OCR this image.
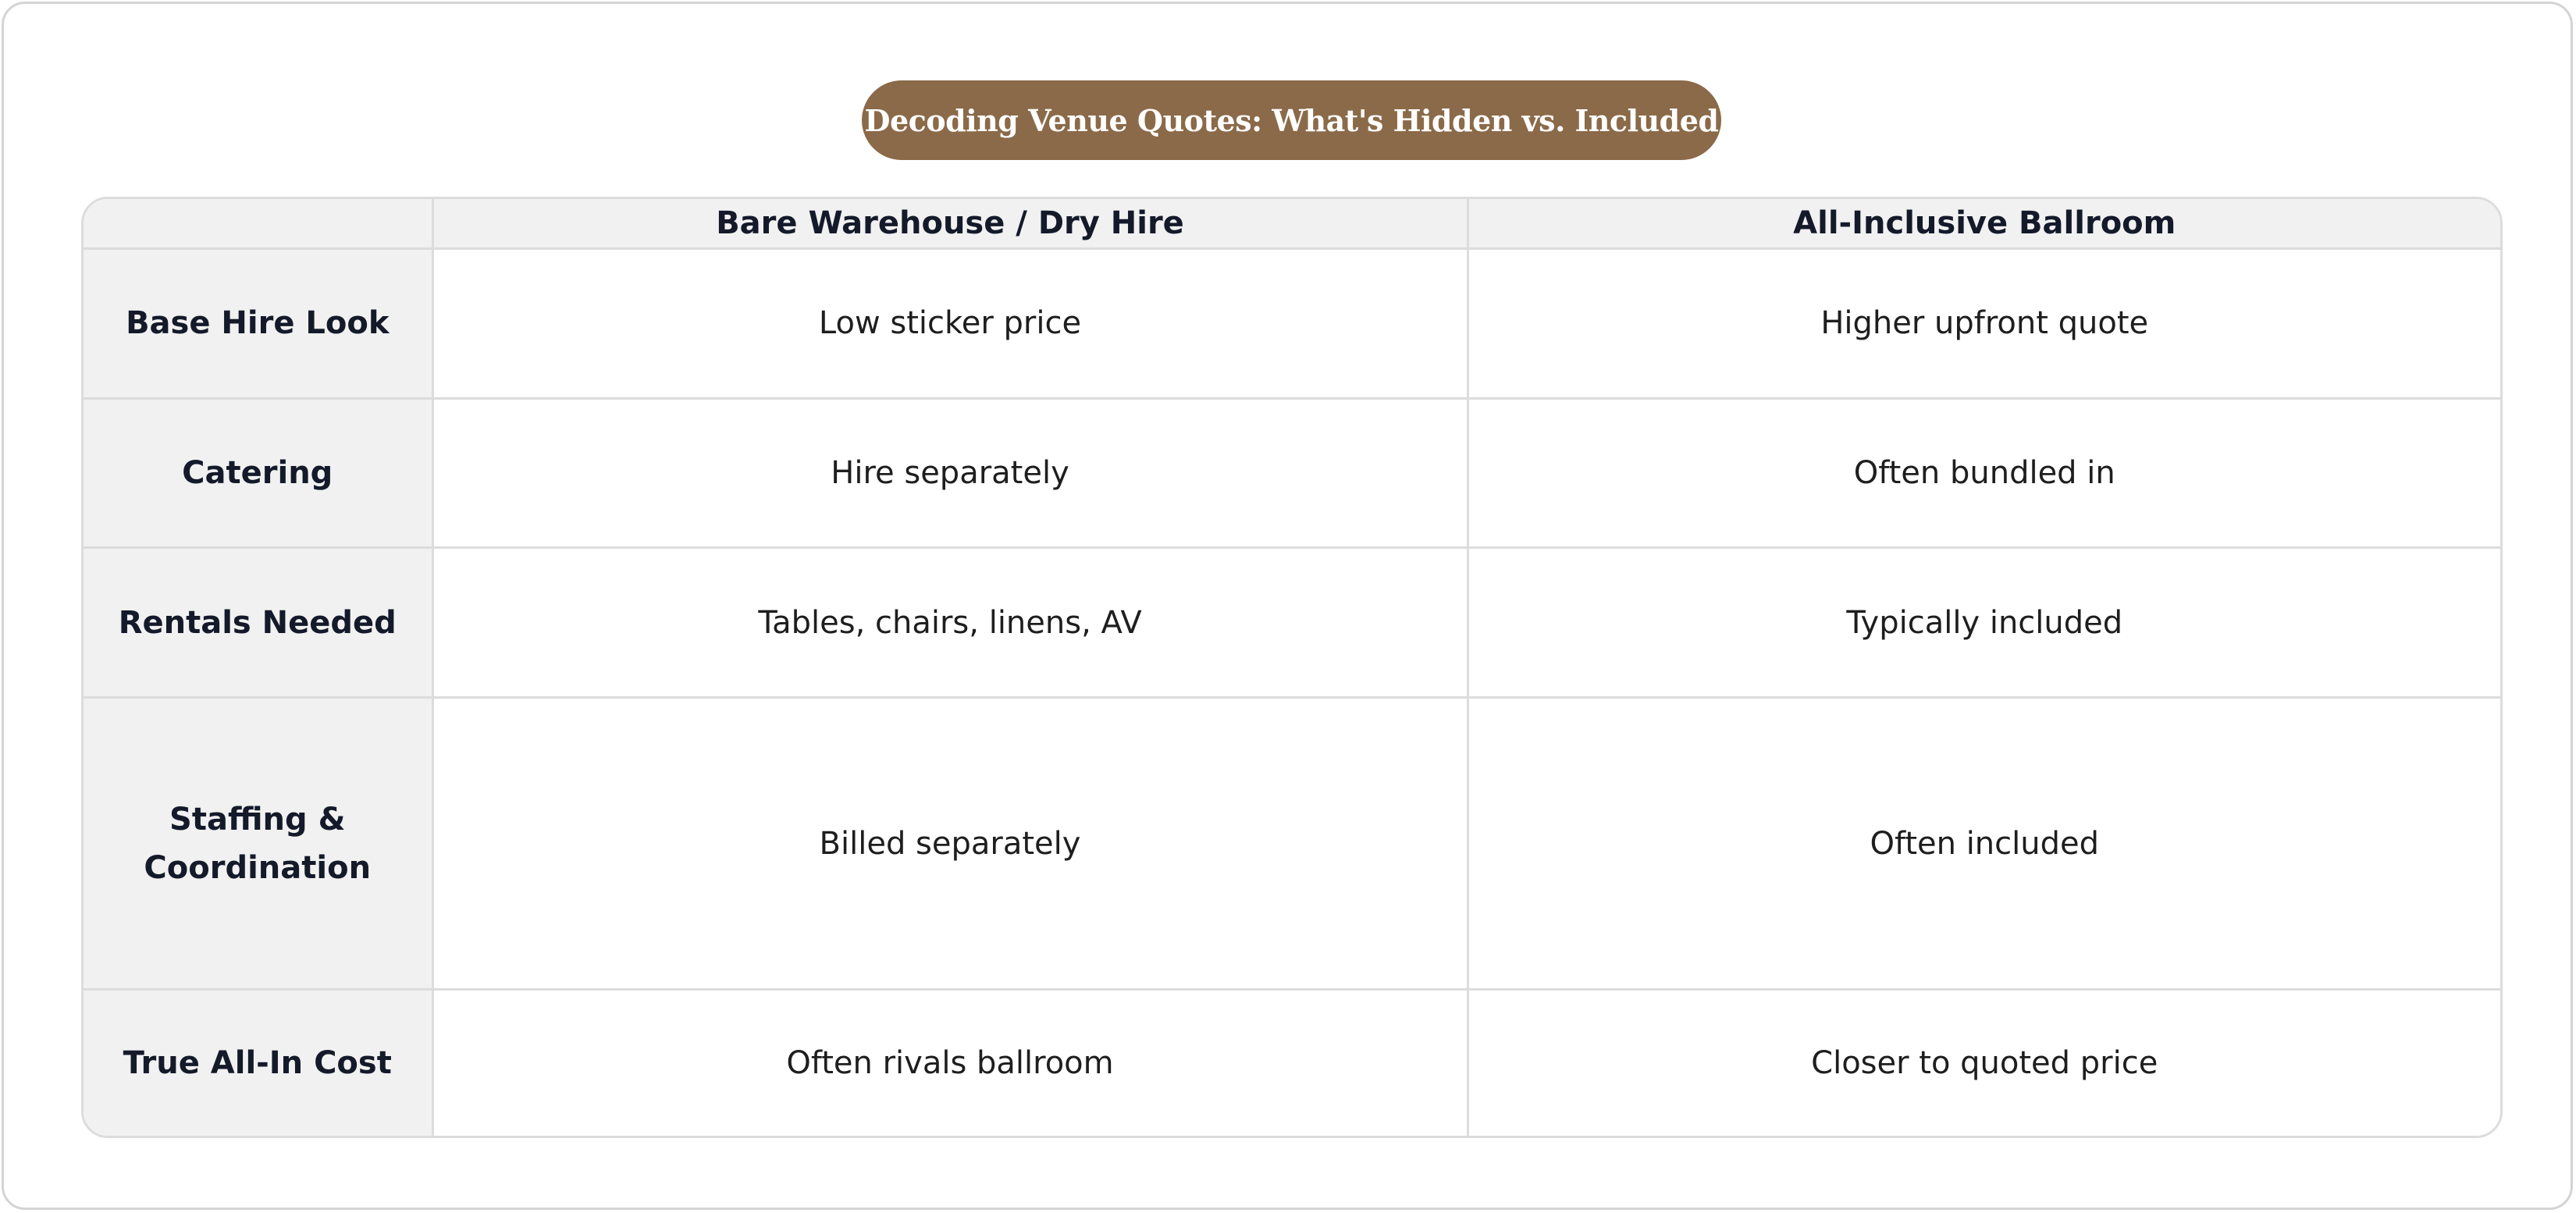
Decoding Venue Quotes: What's Hidden vs. Included
	Bare Warehouse / Dry Hire	All-Inclusive Ballroom
Base Hire Look	Low sticker price	Higher upfront quote
Catering	Hire separately	Often bundled in
Rentals Needed	Tables, chairs, linens, AV	Typically included
Staffing & Coordination	Billed separately	Often included
True All-In Cost	Often rivals ballroom	Closer to quoted price
